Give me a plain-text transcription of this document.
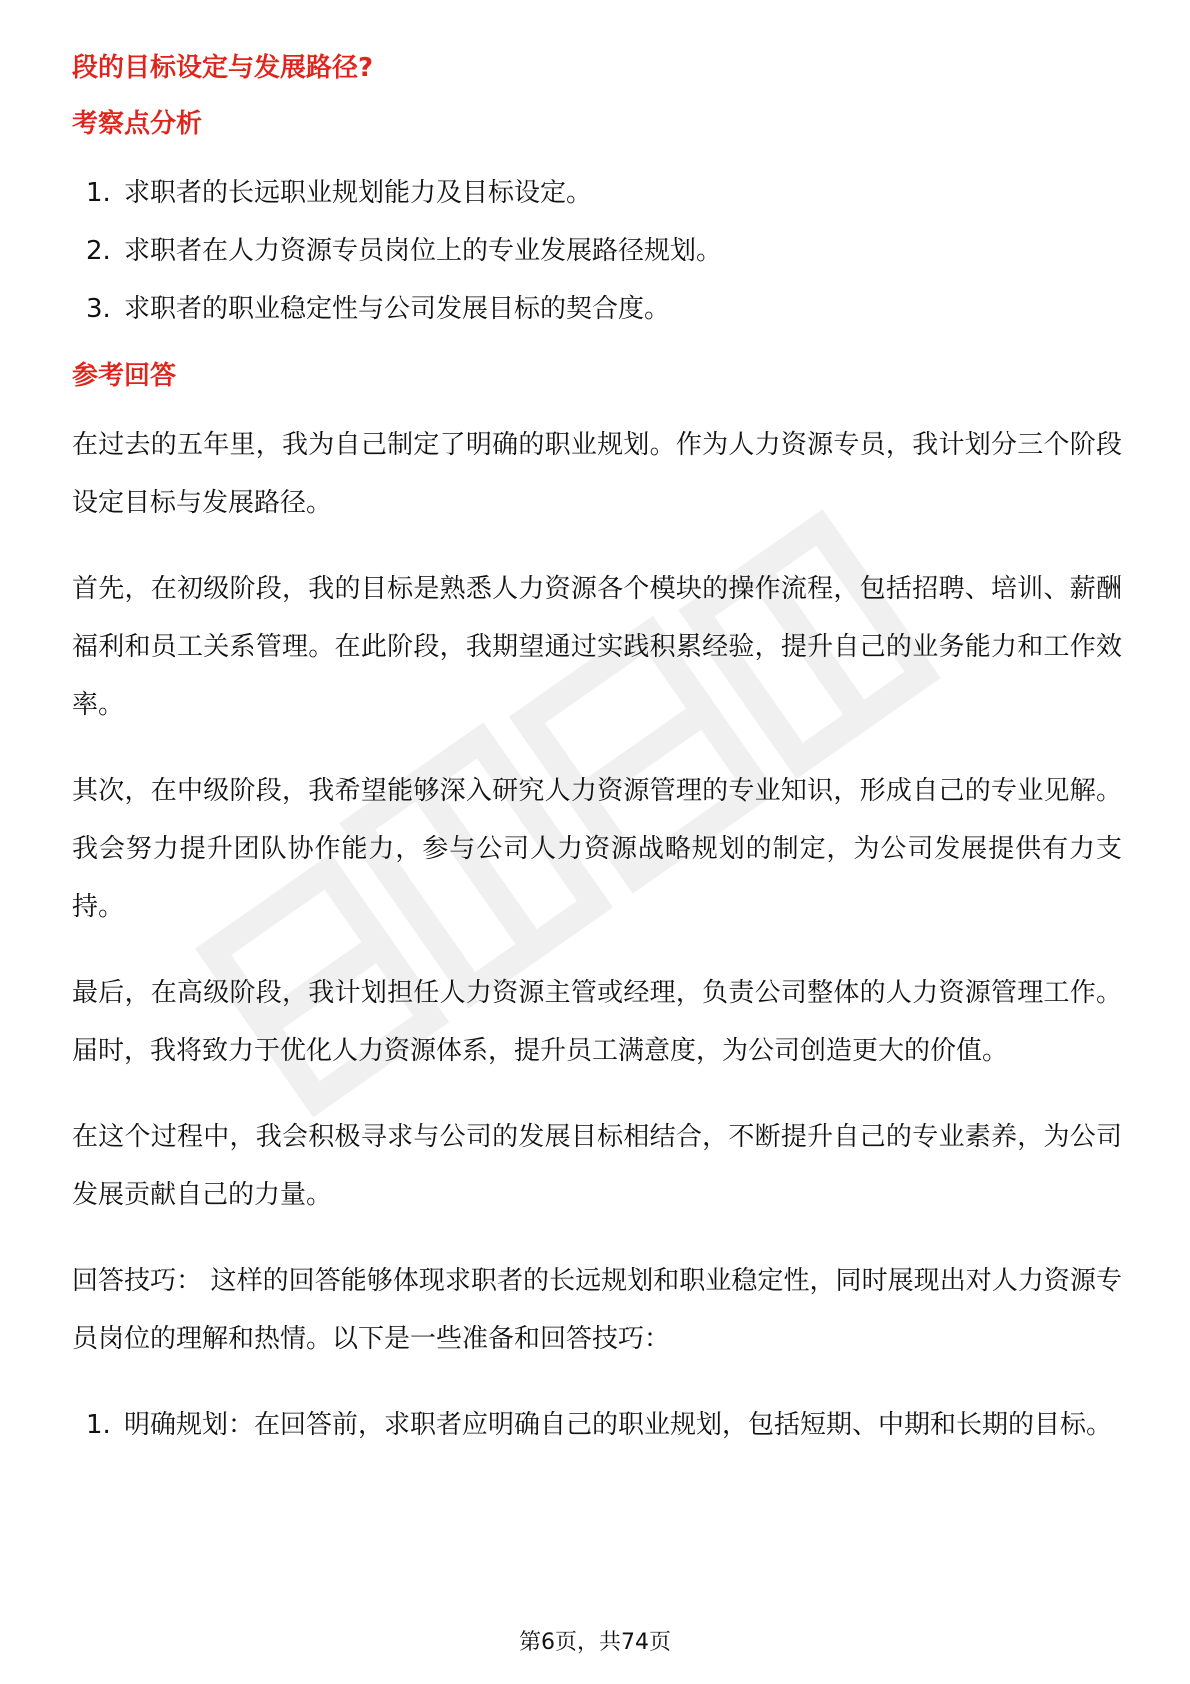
段的目标设定与发展路径?

考察点分析

1. 求职者的长远职业规划能力及目标设定。
2. 求职者在人力资源专员岗位上的专业发展路径规划。
3. 求职者的职业稳定性与公司发展目标的契合度。

参考回答

在过去的五年里，我为自己制定了明确的职业规划。作为人力资源专员，我计划分三个阶段设定目标与发展路径。

首先，在初级阶段，我的目标是熟悉人力资源各个模块的操作流程，包括招聘、培训、薪酬福利和员工关系管理。在此阶段，我期望通过实践积累经验，提升自己的业务能力和工作效率。

其次，在中级阶段，我希望能够深入研究人力资源管理的专业知识，形成自己的专业见解。我会努力提升团队协作能力，参与公司人力资源战略规划的制定，为公司发展提供有力支持。

最后，在高级阶段，我计划担任人力资源主管或经理，负责公司整体的人力资源管理工作。届时，我将致力于优化人力资源体系，提升员工满意度，为公司创造更大的价值。

在这个过程中，我会积极寻求与公司的发展目标相结合，不断提升自己的专业素养，为公司发展贡献自己的力量。

回答技巧： 这样的回答能够体现求职者的长远规划和职业稳定性，同时展现出对人力资源专员岗位的理解和热情。以下是一些准备和回答技巧：

1. 明确规划：在回答前，求职者应明确自己的职业规划，包括短期、中期和长期的目标。
第6页，共74页
